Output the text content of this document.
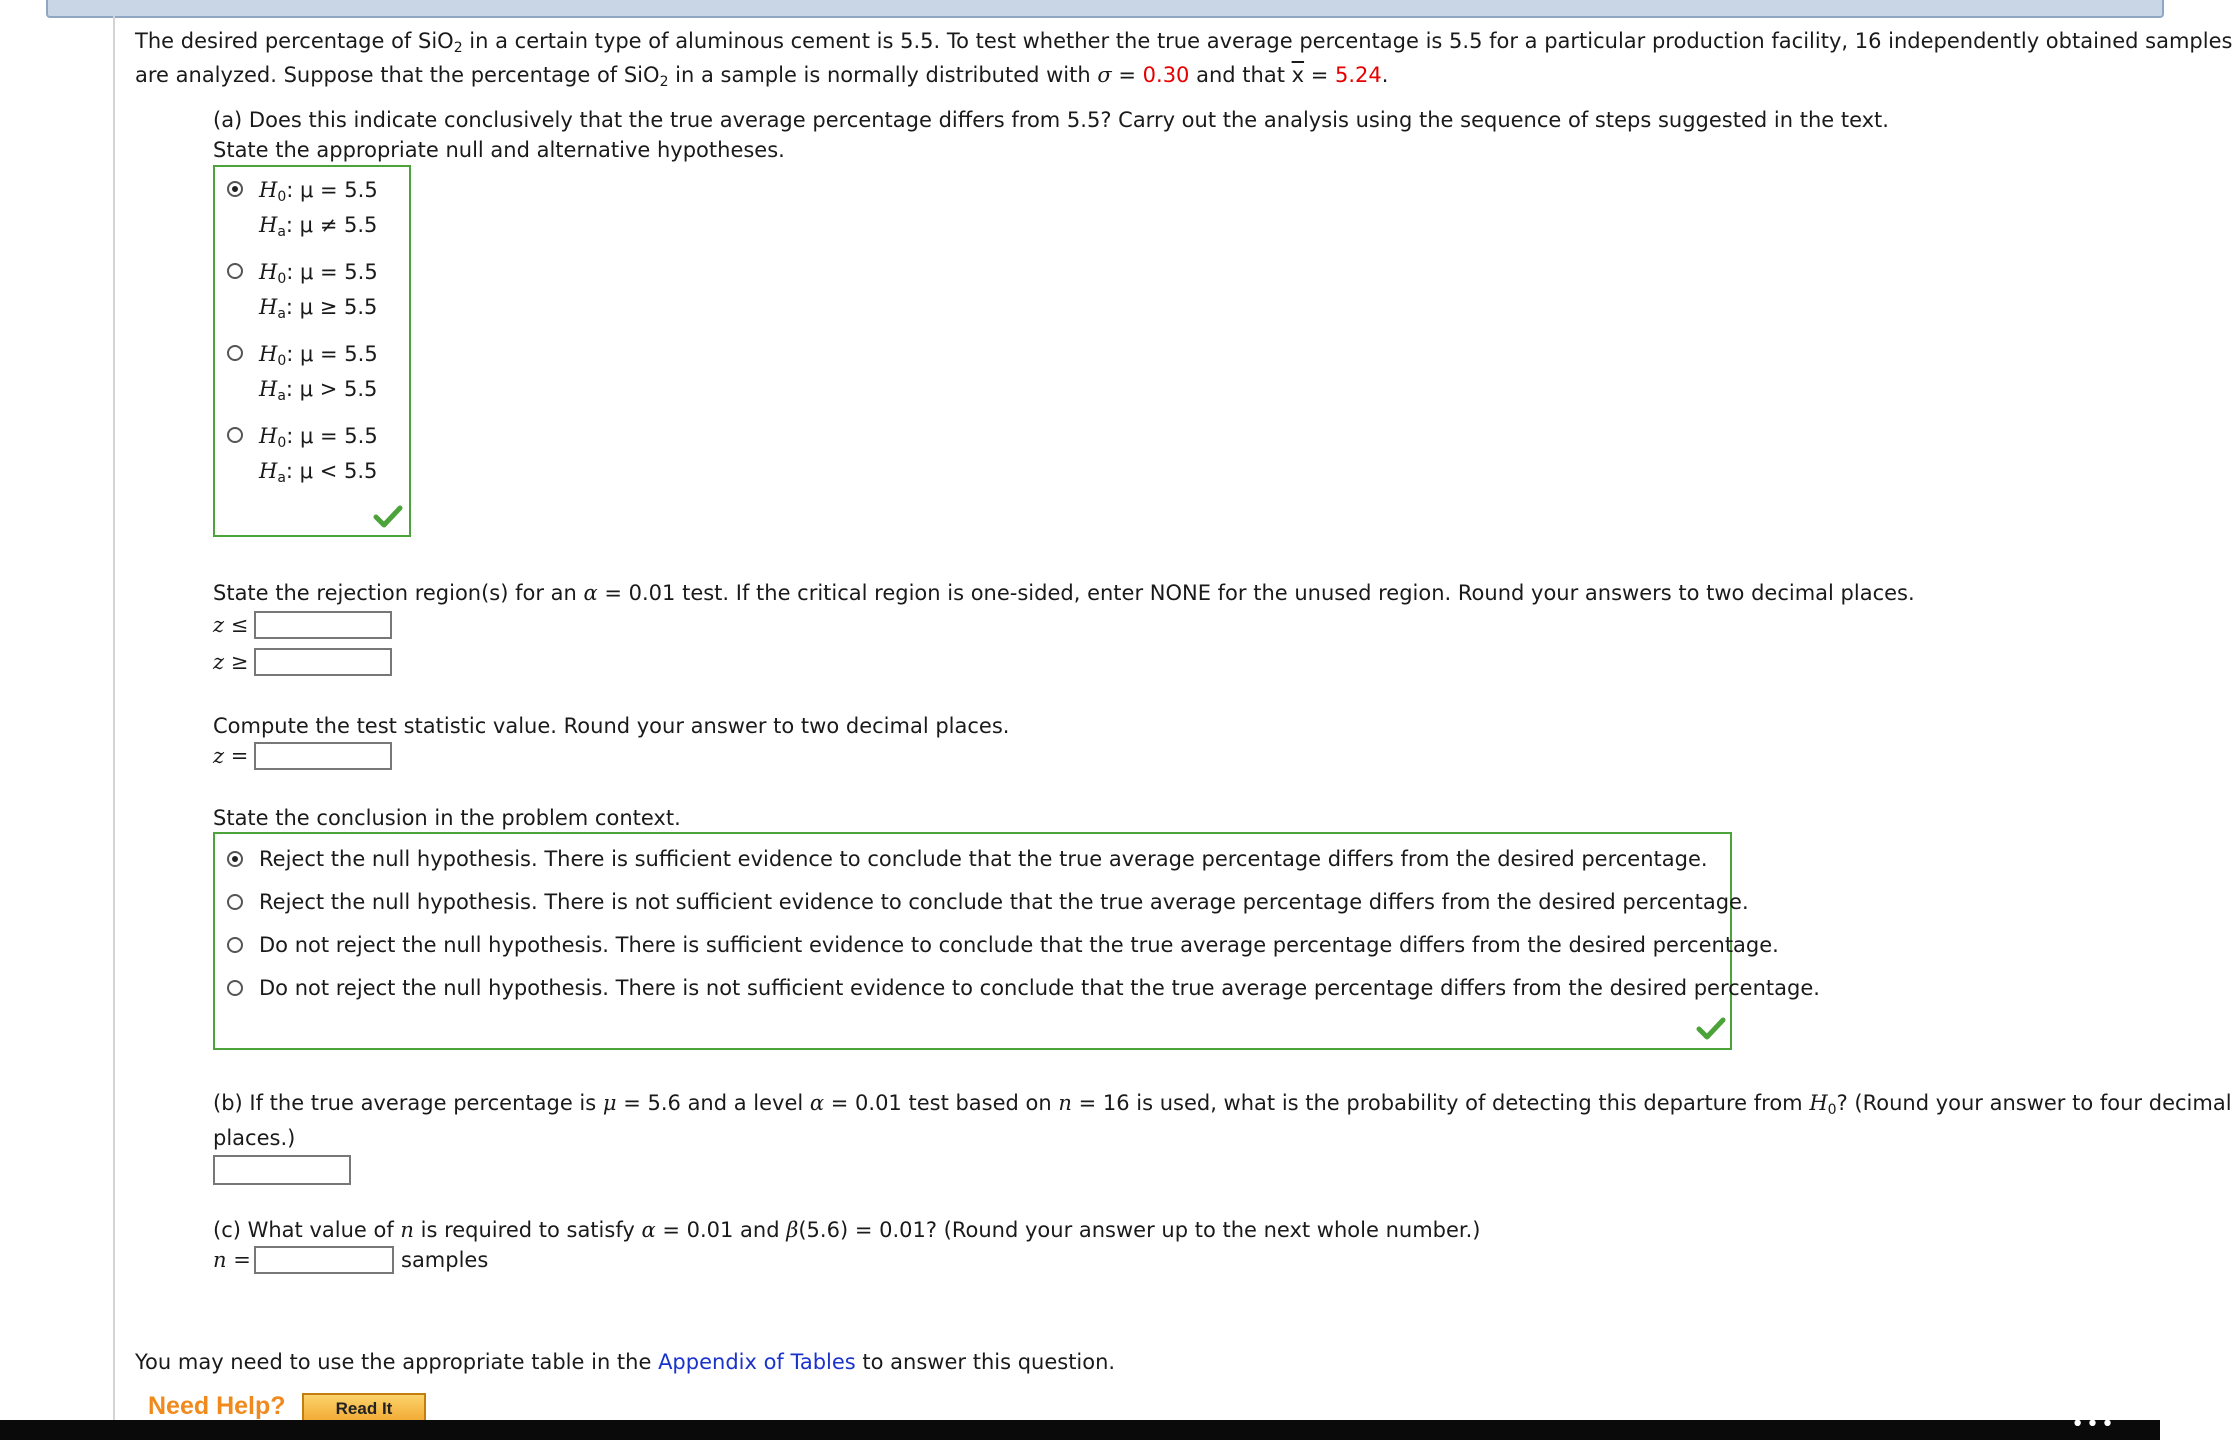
The desired percentage of SiO$_2$ in a certain type of aluminous cement is 5.5. To test whether the true average percentage is 5.5 for a particular production facility, 16 independently obtained samples
are analyzed. Suppose that the percentage of SiO$_2$ in a sample is normally distributed with σ = 0.30 and that $\overline{x} = 5.24$.
(a) Does this indicate conclusively that the true average percentage differs from 5.5? Carry out the analysis using the sequence of steps suggested in the text.
State the appropriate null and alternative hypotheses.
$H_0$: μ = 5.5
$H_a$: μ ≠ 5.5
$H_0$: μ = 5.5
$H_a$: μ ≥ 5.5
$H_0$: μ = 5.5
$H_a$: μ > 5.5
$H_0$: μ = 5.5
$H_a$: μ < 5.5
State the rejection region(s) for an α = 0.01 test. If the critical region is one-sided, enter NONE for the unused region. Round your answers to two decimal places.
z ≤
z ≥
Compute the test statistic value. Round your answer to two decimal places.
z =
State the conclusion in the problem context.
Reject the null hypothesis. There is sufficient evidence to conclude that the true average percentage differs from the desired percentage.
Reject the null hypothesis. There is not sufficient evidence to conclude that the true average percentage differs from the desired percentage.
Do not reject the null hypothesis. There is sufficient evidence to conclude that the true average percentage differs from the desired percentage.
Do not reject the null hypothesis. There is not sufficient evidence to conclude that the true average percentage differs from the desired percentage.
(b) If the true average percentage is μ = 5.6 and a level α = 0.01 test based on n = 16 is used, what is the probability of detecting this departure from $H_0$? (Round your answer to four decimal
places.)
(c) What value of n is required to satisfy α = 0.01 and β(5.6) = 0.01? (Round your answer up to the next whole number.)
n =	samples
You may need to use the appropriate table in the Appendix of Tables to answer this question.
Need Help?	Read It
•••
